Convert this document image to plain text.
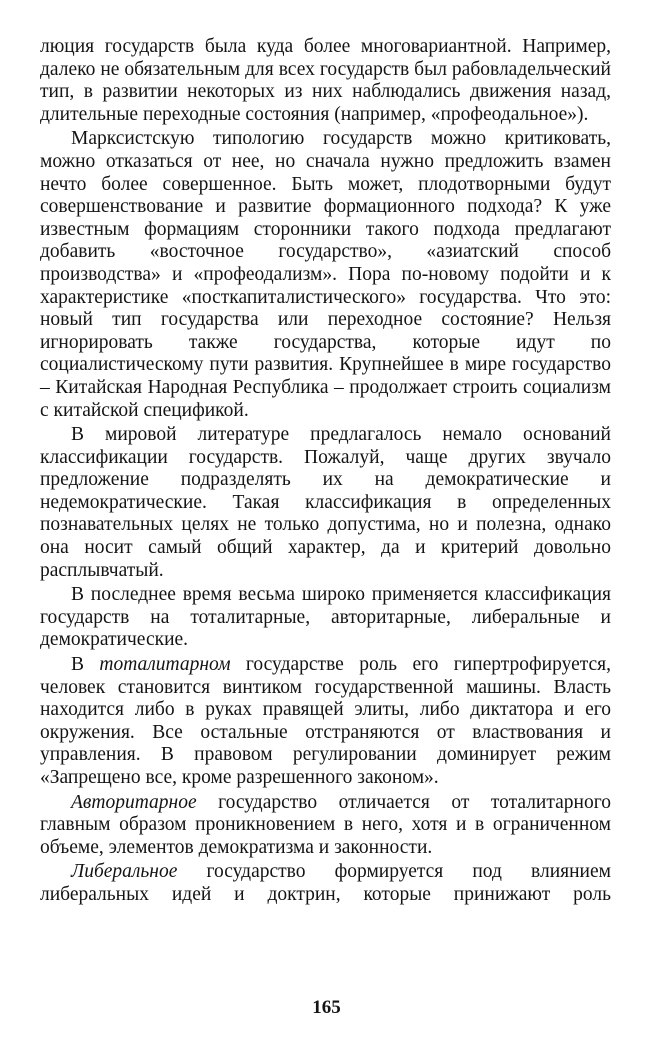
люция государств была куда более многовариантной. Например, далеко не обязательным для всех государств был рабовладельческий тип, в развитии некоторых из них наблюдались движения назад, длительные переходные состояния (например, «профеодальное»).

Марксистскую типологию государств можно критиковать, можно отказаться от нее, но сначала нужно предложить взамен нечто более совершенное. Быть может, плодотворными будут совершенствование и развитие формационного подхода? К уже известным формациям сторонники такого подхода предлагают добавить «восточное государство», «азиатский способ производства» и «профеодализм». Пора по-новому подойти и к характеристике «посткапиталистического» государства. Что это: новый тип государства или переходное состояние? Нельзя игнорировать также государства, которые идут по социалистическому пути развития. Крупнейшее в мире государство – Китайская Народная Республика – продолжает строить социализм с китайской спецификой.

В мировой литературе предлагалось немало оснований классификации государств. Пожалуй, чаще других звучало предложение подразделять их на демократические и недемократические. Такая классификация в определенных познавательных целях не только допустима, но и полезна, однако она носит самый общий характер, да и критерий довольно расплывчатый.

В последнее время весьма широко применяется классификация государств на тоталитарные, авторитарные, либеральные и демократические.

В тоталитарном государстве роль его гипертрофируется, человек становится винтиком государственной машины. Власть находится либо в руках правящей элиты, либо диктатора и его окружения. Все остальные отстраняются от властвования и управления. В правовом регулировании доминирует режим «Запрещено все, кроме разрешенного законом».

Авторитарное государство отличается от тоталитарного главным образом проникновением в него, хотя и в ограниченном объеме, элементов демократизма и законности.

Либеральное государство формируется под влиянием либеральных идей и доктрин, которые принижают роль

165
